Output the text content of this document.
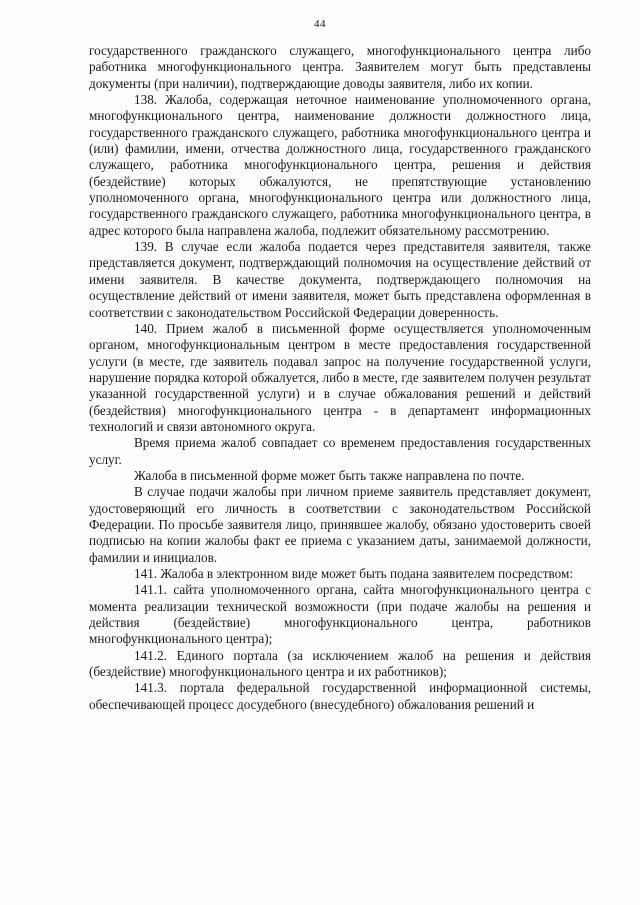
44

государственного гражданского служащего, многофункционального центра либо работника многофункционального центра. Заявителем могут быть представлены документы (при наличии), подтверждающие доводы заявителя, либо их копии.

138. Жалоба, содержащая неточное наименование уполномоченного органа, многофункционального центра, наименование должности должностного лица, государственного гражданского служащего, работника многофункционального центра и (или) фамилии, имени, отчества должностного лица, государственного гражданского служащего, работника многофункционального центра, решения и действия (бездействие) которых обжалуются, не препятствующие установлению уполномоченного органа, многофункционального центра или должностного лица, государственного гражданского служащего, работника многофункционального центра, в адрес которого была направлена жалоба, подлежит обязательному рассмотрению.

139. В случае если жалоба подается через представителя заявителя, также представляется документ, подтверждающий полномочия на осуществление действий от имени заявителя. В качестве документа, подтверждающего полномочия на осуществление действий от имени заявителя, может быть представлена оформленная в соответствии с законодательством Российской Федерации доверенность.

140. Прием жалоб в письменной форме осуществляется уполномоченным органом, многофункциональным центром в месте предоставления государственной услуги (в месте, где заявитель подавал запрос на получение государственной услуги, нарушение порядка которой обжалуется, либо в месте, где заявителем получен результат указанной государственной услуги) и в случае обжалования решений и действий (бездействия) многофункционального центра - в департамент информационных технологий и связи автономного округа.

Время приема жалоб совпадает со временем предоставления государственных услуг.

Жалоба в письменной форме может быть также направлена по почте.

В случае подачи жалобы при личном приеме заявитель представляет документ, удостоверяющий его личность в соответствии с законодательством Российской Федерации. По просьбе заявителя лицо, принявшее жалобу, обязано удостоверить своей подписью на копии жалобы факт ее приема с указанием даты, занимаемой должности, фамилии и инициалов.

141. Жалоба в электронном виде может быть подана заявителем посредством:

141.1. сайта уполномоченного органа, сайта многофункционального центра с момента реализации технической возможности (при подаче жалобы на решения и действия (бездействие) многофункционального центра, работников многофункционального центра);

141.2. Единого портала (за исключением жалоб на решения и действия (бездействие) многофункционального центра и их работников);

141.3. портала федеральной государственной информационной системы, обеспечивающей процесс досудебного (внесудебного) обжалования решений и
